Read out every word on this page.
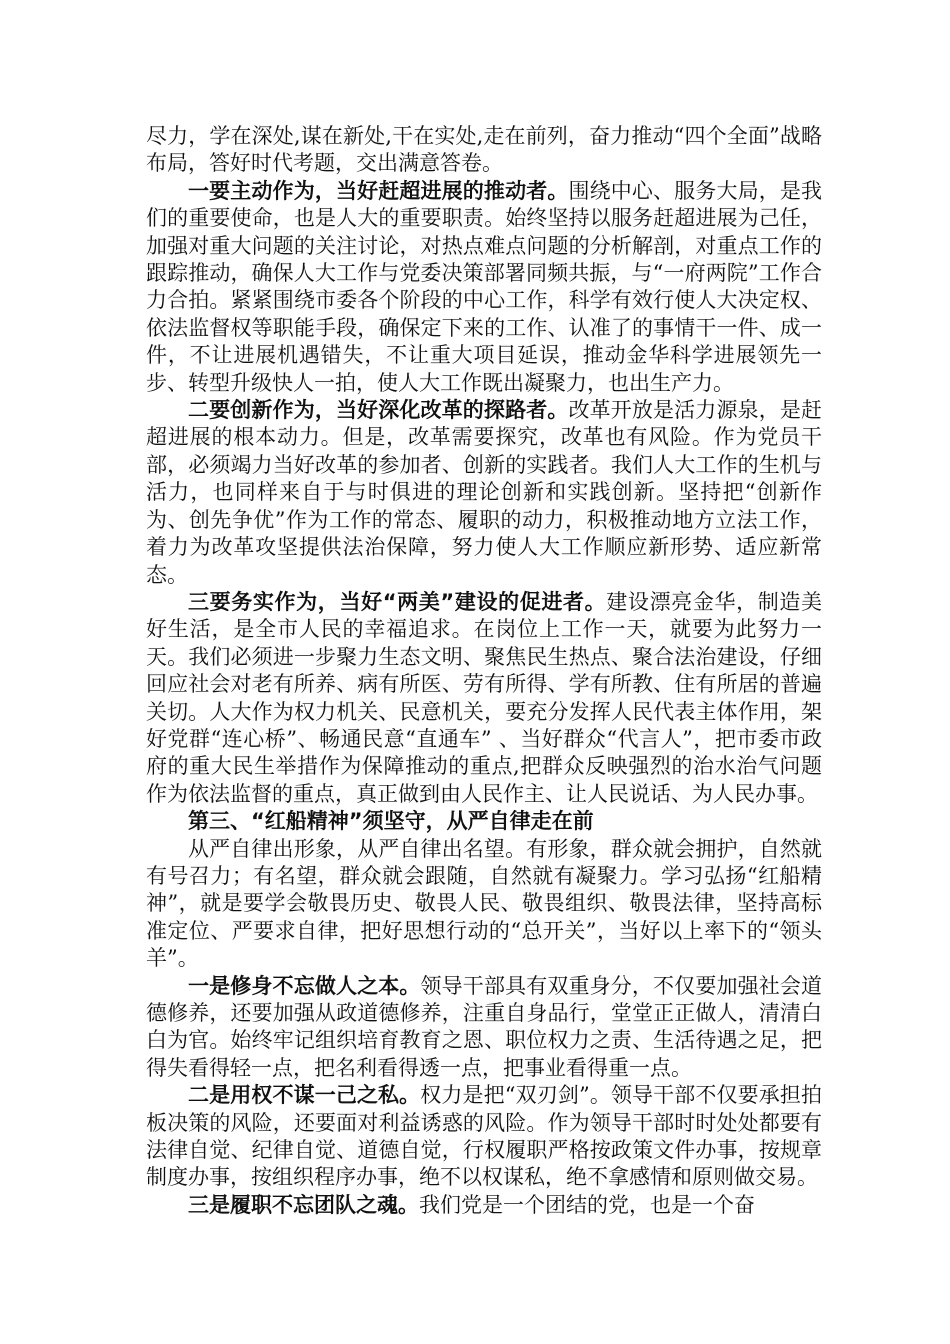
尽力，学在深处,谋在新处,干在实处,走在前列，奋力推动“四个全面”战略布局，答好时代考题，交出满意答卷。

一要主动作为，当好赶超进展的推动者。围绕中心、服务大局，是我们的重要使命，也是人大的重要职责。始终坚持以服务赶超进展为己任，加强对重大问题的关注讨论，对热点难点问题的分析解剖，对重点工作的跟踪推动，确保人大工作与党委决策部署同频共振，与“一府两院”工作合力合拍。紧紧围绕市委各个阶段的中心工作，科学有效行使人大决定权、依法监督权等职能手段，确保定下来的工作、认准了的事情干一件、成一件，不让进展机遇错失，不让重大项目延误，推动金华科学进展领先一步、转型升级快人一拍，使人大工作既出凝聚力，也出生产力。

二要创新作为，当好深化改革的探路者。改革开放是活力源泉，是赶超进展的根本动力。但是，改革需要探究，改革也有风险。作为党员干部，必须竭力当好改革的参加者、创新的实践者。我们人大工作的生机与活力，也同样来自于与时俱进的理论创新和实践创新。坚持把“创新作为、创先争优”作为工作的常态、履职的动力，积极推动地方立法工作，着力为改革攻坚提供法治保障，努力使人大工作顺应新形势、适应新常态。

三要务实作为，当好“两美”建设的促进者。建设漂亮金华，制造美好生活，是全市人民的幸福追求。在岗位上工作一天，就要为此努力一天。我们必须进一步聚力生态文明、聚焦民生热点、聚合法治建设，仔细回应社会对老有所养、病有所医、劳有所得、学有所教、住有所居的普遍关切。人大作为权力机关、民意机关，要充分发挥人民代表主体作用，架好党群“连心桥”、畅通民意“直通车” 、当好群众“代言人”，把市委市政府的重大民生举措作为保障推动的重点,把群众反映强烈的治水治气问题作为依法监督的重点，真正做到由人民作主、让人民说话、为人民办事。

第三、“红船精神”须坚守，从严自律走在前

从严自律出形象，从严自律出名望。有形象，群众就会拥护，自然就有号召力；有名望，群众就会跟随，自然就有凝聚力。学习弘扬“红船精神”，就是要学会敬畏历史、敬畏人民、敬畏组织、敬畏法律，坚持高标准定位、严要求自律，把好思想行动的“总开关”，当好以上率下的“领头羊”。

一是修身不忘做人之本。领导干部具有双重身分，不仅要加强社会道德修养，还要加强从政道德修养，注重自身品行，堂堂正正做人，清清白白为官。始终牢记组织培育教育之恩、职位权力之责、生活待遇之足，把得失看得轻一点，把名利看得透一点，把事业看得重一点。

二是用权不谋一己之私。权力是把“双刃剑”。领导干部不仅要承担拍板决策的风险，还要面对利益诱惑的风险。作为领导干部时时处处都要有法律自觉、纪律自觉、道德自觉，行权履职严格按政策文件办事，按规章制度办事，按组织程序办事，绝不以权谋私，绝不拿感情和原则做交易。

三是履职不忘团队之魂。我们党是一个团结的党，也是一个奋
